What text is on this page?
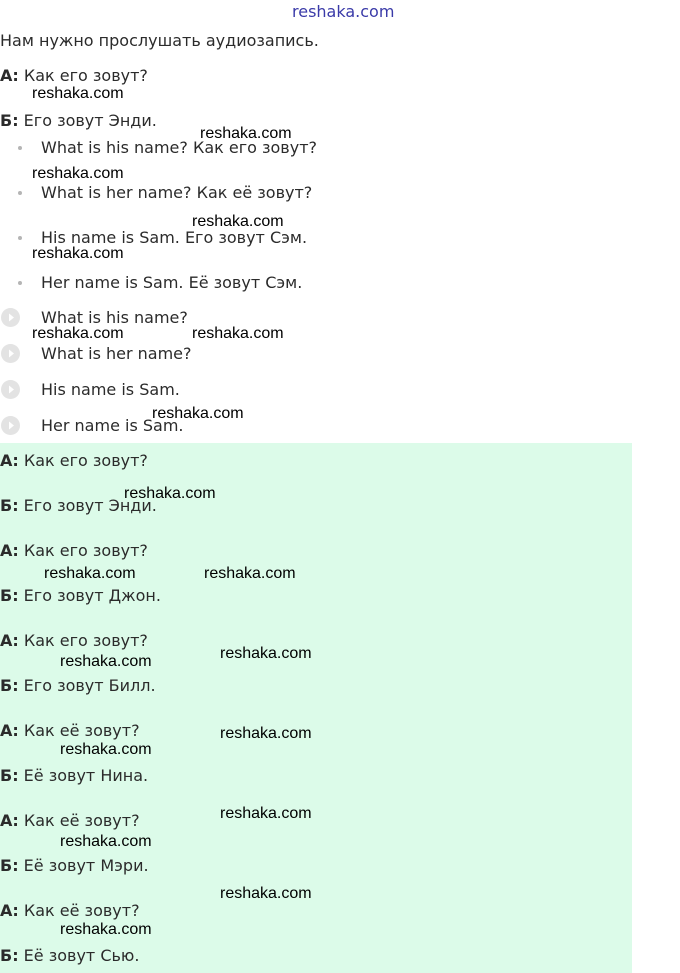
reshaka.com
Нам нужно прослушать аудиозапись.
А: Как его зовут?
Б: Его зовут Энди.
What is his name? Как его зовут?
What is her name? Как её зовут?
His name is Sam. Его зовут Сэм.
Her name is Sam. Её зовут Сэм.
What is his name?
What is her name?
His name is Sam.
Her name is Sam.
А: Как его зовут?
Б: Его зовут Энди.
А: Как его зовут?
Б: Его зовут Джон.
А: Как его зовут?
Б: Его зовут Билл.
А: Как её зовут?
Б: Её зовут Нина.
А: Как её зовут?
Б: Её зовут Мэри.
А: Как её зовут?
Б: Её зовут Сью.
reshaka.com
reshaka.com
reshaka.com
reshaka.com
reshaka.com
reshaka.com	reshaka.com
reshaka.com
reshaka.com
reshaka.com	reshaka.com
reshaka.com
reshaka.com
reshaka.com
reshaka.com
reshaka.com
reshaka.com
reshaka.com
reshaka.com
